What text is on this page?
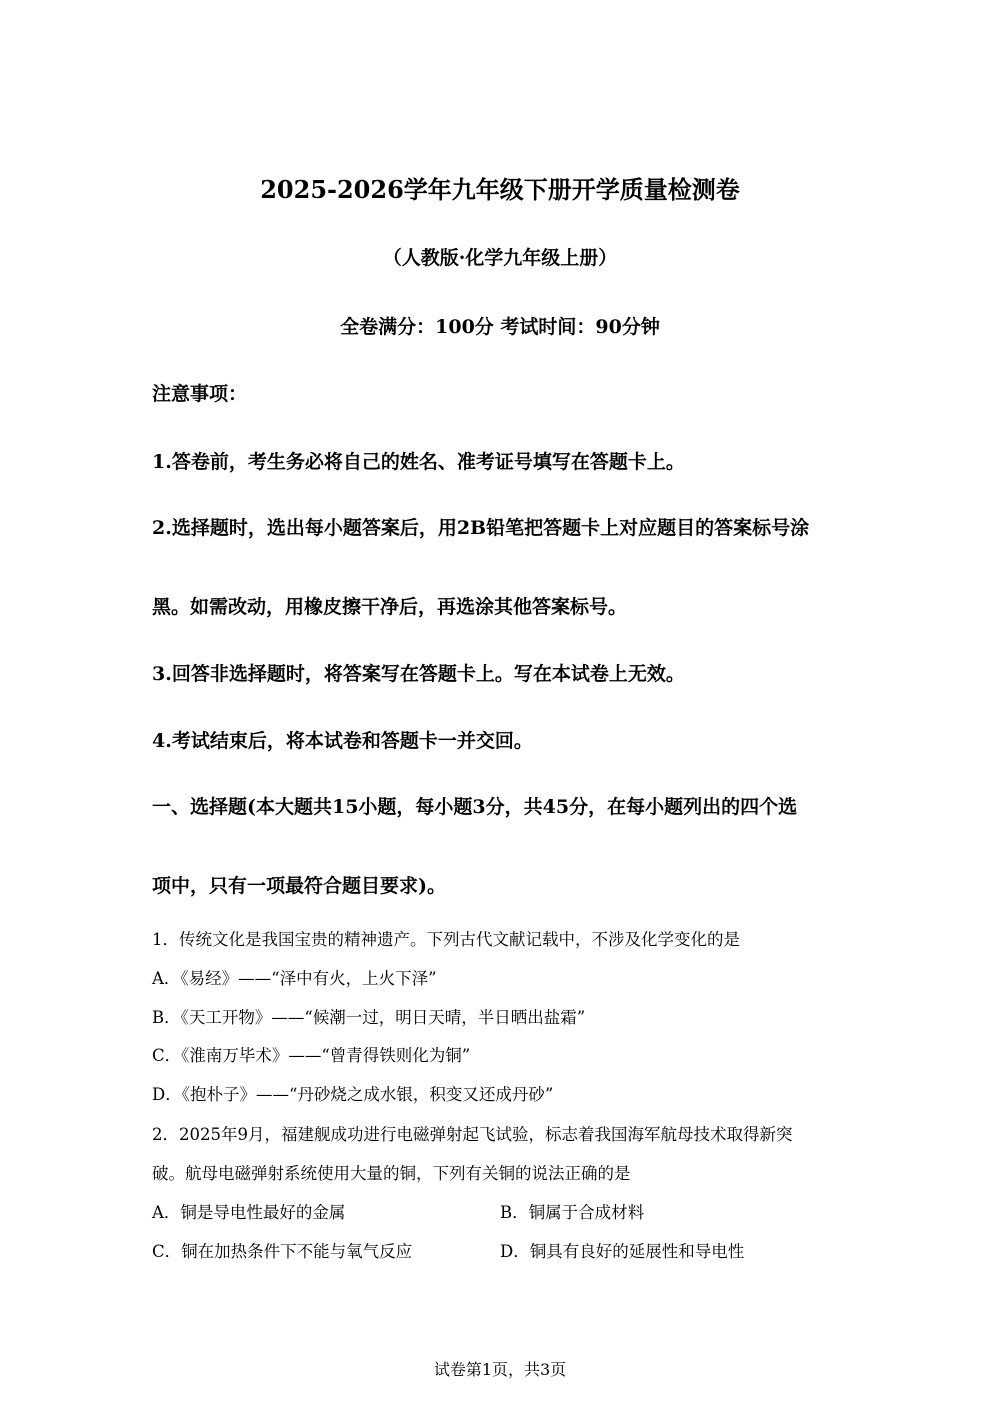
2025-2026学年九年级下册开学质量检测卷
（人教版·化学九年级上册）
全卷满分：100分 考试时间：90分钟
注意事项：
1.答卷前，考生务必将自己的姓名、准考证号填写在答题卡上。
2.选择题时，选出每小题答案后，用2B铅笔把答题卡上对应题目的答案标号涂
黑。如需改动，用橡皮擦干净后，再选涂其他答案标号。
3.回答非选择题时，将答案写在答题卡上。写在本试卷上无效。
4.考试结束后，将本试卷和答题卡一并交回。
一、选择题(本大题共15小题，每小题3分，共45分，在每小题列出的四个选
项中，只有一项最符合题目要求)。
1．传统文化是我国宝贵的精神遗产。下列古代文献记载中，不涉及化学变化的是
A．《易经》——“泽中有火，上火下泽”
B．《天工开物》——“候潮一过，明日天晴，半日晒出盐霜”
C．《淮南万毕术》——“曾青得铁则化为铜”
D．《抱朴子》——“丹砂烧之成水银，积变又还成丹砂”
2．2025年9月，福建舰成功进行电磁弹射起飞试验，标志着我国海军航母技术取得新突
破。航母电磁弹射系统使用大量的铜，下列有关铜的说法正确的是
A．铜是导电性最好的金属	B．铜属于合成材料
C．铜在加热条件下不能与氧气反应	D．铜具有良好的延展性和导电性
试卷第1页，共3页
